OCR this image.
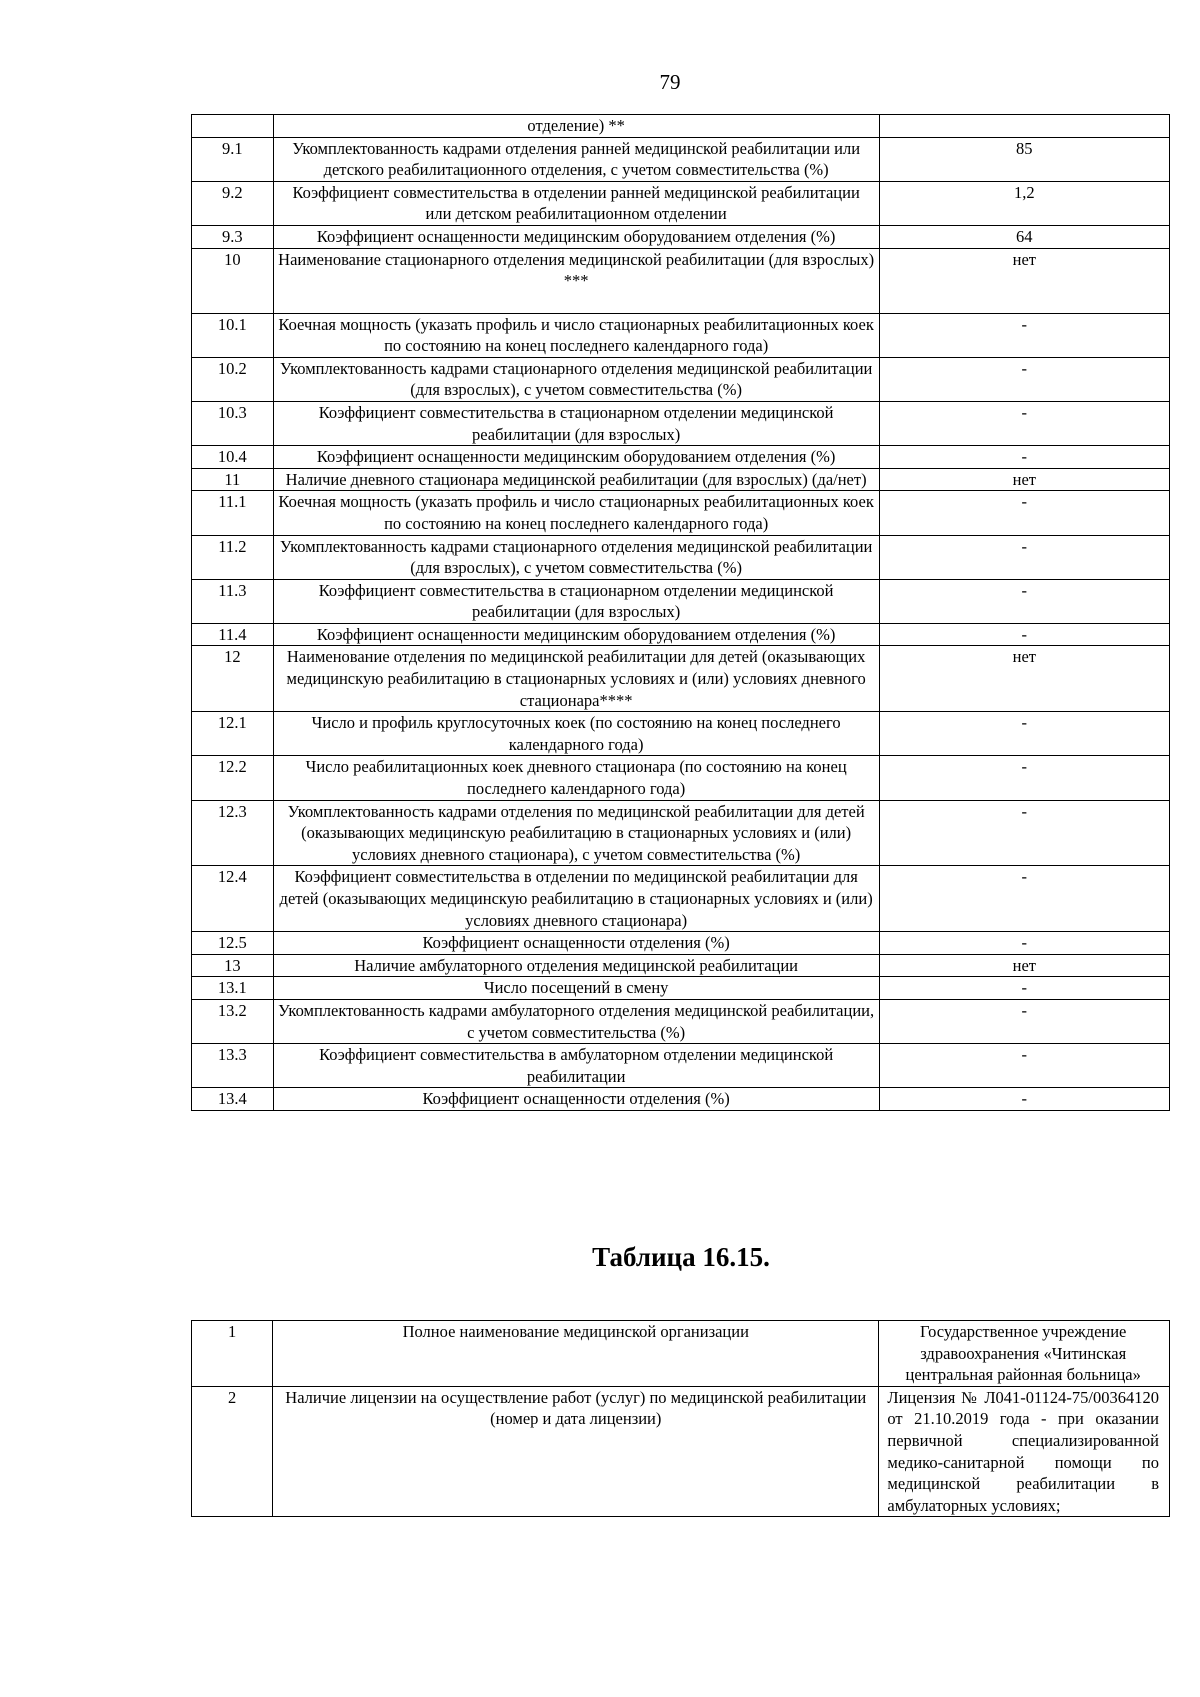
79
	отделение) **	
9.1	Укомплектованность кадрами отделения ранней медицинской реабилитации или детского реабилитационного отделения, с учетом совместительства (%)	85
9.2	Коэффициент совместительства в отделении ранней медицинской реабилитации или детском реабилитационном отделении	1,2
9.3	Коэффициент оснащенности медицинским оборудованием отделения (%)	64
10	Наименование стационарного отделения медицинской реабилитации (для взрослых) ***	нет
10.1	Коечная мощность (указать профиль и число стационарных реабилитационных коек по состоянию на конец последнего календарного года)	-
10.2	Укомплектованность кадрами стационарного отделения медицинской реабилитации (для взрослых), с учетом совместительства (%)	-
10.3	Коэффициент совместительства в стационарном отделении медицинской реабилитации (для взрослых)	-
10.4	Коэффициент оснащенности медицинским оборудованием отделения (%)	-
11	Наличие дневного стационара медицинской реабилитации (для взрослых) (да/нет)	нет
11.1	Коечная мощность (указать профиль и число стационарных реабилитационных коек по состоянию на конец последнего календарного года)	-
11.2	Укомплектованность кадрами стационарного отделения медицинской реабилитации (для взрослых), с учетом совместительства (%)	-
11.3	Коэффициент совместительства в стационарном отделении медицинской реабилитации (для взрослых)	-
11.4	Коэффициент оснащенности медицинским оборудованием отделения (%)	-
12	Наименование отделения по медицинской реабилитации для детей (оказывающих медицинскую реабилитацию в стационарных условиях и (или) условиях дневного стационара****	нет
12.1	Число и профиль круглосуточных коек (по состоянию на конец последнего календарного года)	-
12.2	Число реабилитационных коек дневного стационара (по состоянию на конец последнего календарного года)	-
12.3	Укомплектованность кадрами отделения по медицинской реабилитации для детей (оказывающих медицинскую реабилитацию в стационарных условиях и (или) условиях дневного стационара), с учетом совместительства (%)	-
12.4	Коэффициент совместительства в отделении по медицинской реабилитации для детей (оказывающих медицинскую реабилитацию в стационарных условиях и (или) условиях дневного стационара)	-
12.5	Коэффициент оснащенности отделения (%)	-
13	Наличие амбулаторного отделения медицинской реабилитации	нет
13.1	Число посещений в смену	-
13.2	Укомплектованность кадрами амбулаторного отделения медицинской реабилитации, с учетом совместительства (%)	-
13.3	Коэффициент совместительства в амбулаторном отделении медицинской реабилитации	-
13.4	Коэффициент оснащенности отделения (%)	-
Таблица 16.15.
1	Полное наименование медицинской организации	Государственное учреждение здравоохранения «Читинская центральная районная больница»
2	Наличие лицензии на осуществление работ (услуг) по медицинской реабилитации (номер и дата лицензии)	Лицензия № Л041-01124-75/00364120 от 21.10.2019 года - при оказании первичной специализированной медико-санитарной помощи по медицинской реабилитации в амбулаторных условиях;
